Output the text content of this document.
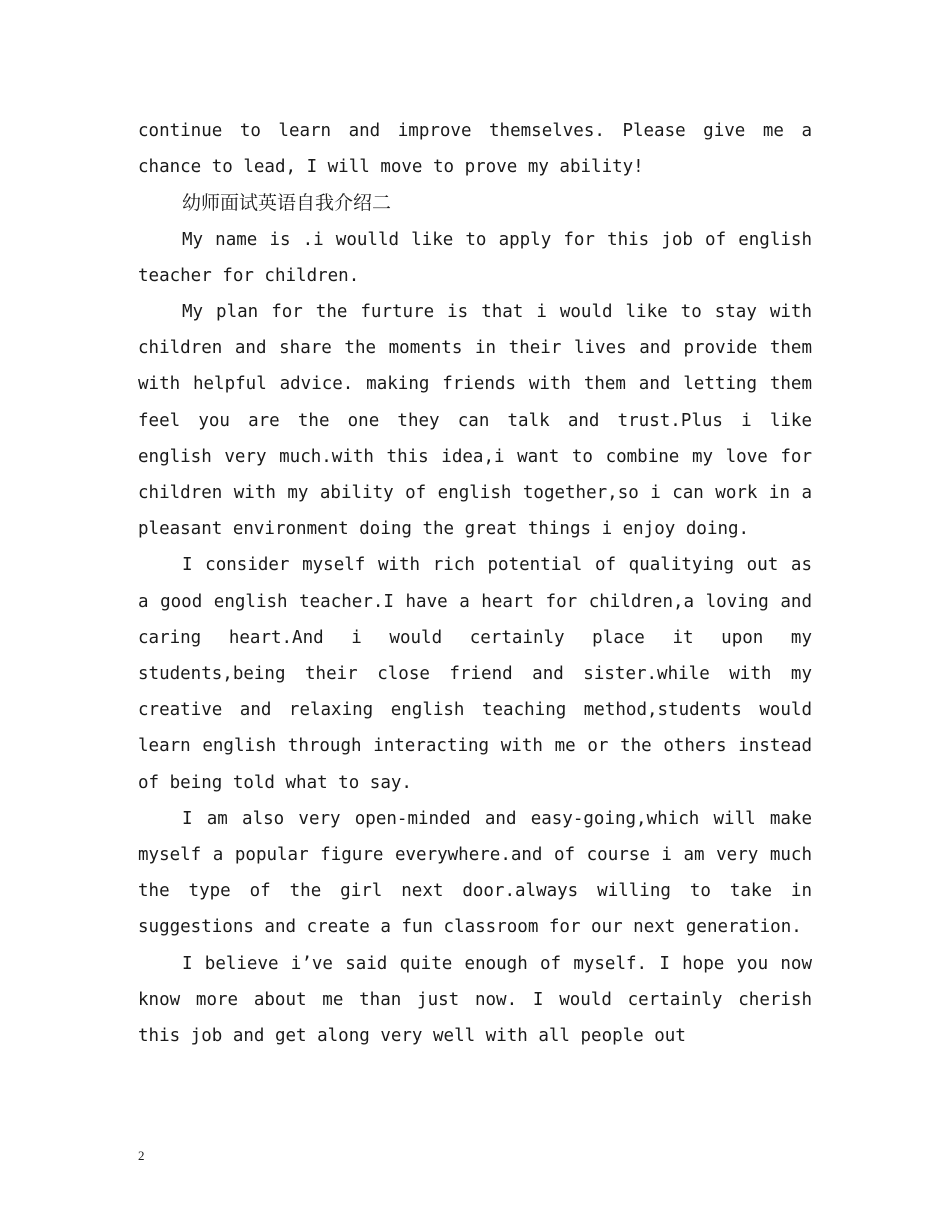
continue to learn and improve themselves. Please give me a chance to lead, I will move to prove my ability!

幼师面试英语自我介绍二

My name is .i woulld like to apply for this job of english teacher for children.

My plan for the furture is that i would like to stay with children and share the moments in their lives and provide them with helpful advice. making friends with them and letting them feel you are the one they can talk and trust.Plus i like english very much.with this idea,i want to combine my love for children with my ability of english together,so i can work in a pleasant environment doing the great things i enjoy doing.

I consider myself with rich potential of qualitying out as a good english teacher.I have a heart for children,a loving and caring heart.And i would certainly place it upon my students,being their close friend and sister.while with my creative and relaxing english teaching method,students would learn english through interacting with me or the others instead of being told what to say.

I am also very open-minded and easy-going,which will make myself a popular figure everywhere.and of course i am very much the type of the girl next door.always willing to take in suggestions and create a fun classroom for our next generation.

I believe i’ve said quite enough of myself. I hope you now know more about me than just now. I would certainly cherish this job and get along very well with all people out

2
